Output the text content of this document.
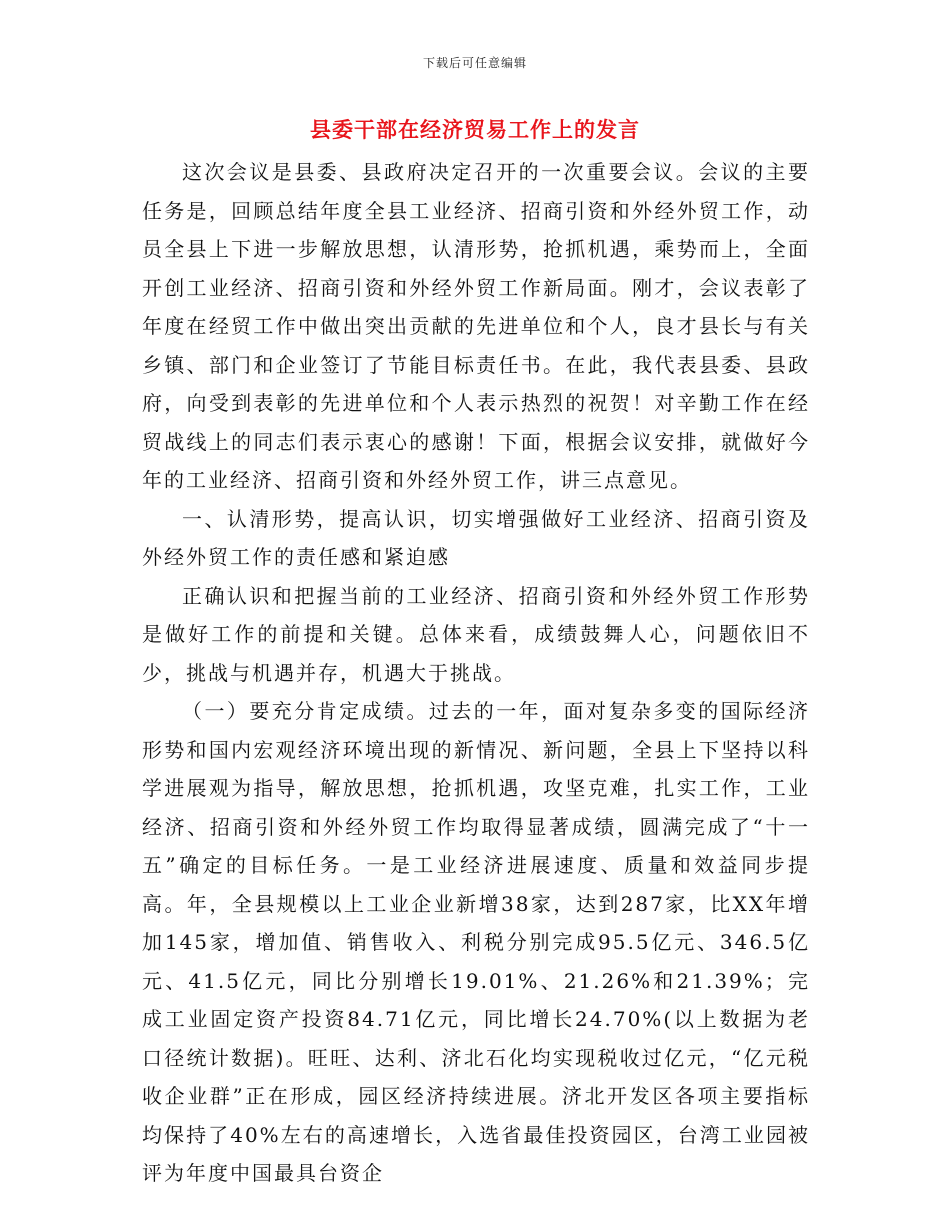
下载后可任意编辑
县委干部在经济贸易工作上的发言

这次会议是县委、县政府决定召开的一次重要会议。会议的主要任务是，回顾总结年度全县工业经济、招商引资和外经外贸工作，动员全县上下进一步解放思想，认清形势，抢抓机遇，乘势而上，全面开创工业经济、招商引资和外经外贸工作新局面。刚才，会议表彰了年度在经贸工作中做出突出贡献的先进单位和个人，良才县长与有关乡镇、部门和企业签订了节能目标责任书。在此，我代表县委、县政府，向受到表彰的先进单位和个人表示热烈的祝贺！对辛勤工作在经贸战线上的同志们表示衷心的感谢！下面，根据会议安排，就做好今年的工业经济、招商引资和外经外贸工作，讲三点意见。

一、认清形势，提高认识，切实增强做好工业经济、招商引资及外经外贸工作的责任感和紧迫感

正确认识和把握当前的工业经济、招商引资和外经外贸工作形势是做好工作的前提和关键。总体来看，成绩鼓舞人心，问题依旧不少，挑战与机遇并存，机遇大于挑战。

（一）要充分肯定成绩。过去的一年，面对复杂多变的国际经济形势和国内宏观经济环境出现的新情况、新问题，全县上下坚持以科学进展观为指导，解放思想，抢抓机遇，攻坚克难，扎实工作，工业经济、招商引资和外经外贸工作均取得显著成绩，圆满完成了“十一五”确定的目标任务。一是工业经济进展速度、质量和效益同步提高。年，全县规模以上工业企业新增38家，达到287家，比XX年增加145家，增加值、销售收入、利税分别完成95.5亿元、346.5亿元、41.5亿元，同比分别增长19.01%、21.26%和21.39%；完成工业固定资产投资84.71亿元，同比增长24.70%(以上数据为老口径统计数据)。旺旺、达利、济北石化均实现税收过亿元，“亿元税收企业群”正在形成，园区经济持续进展。济北开发区各项主要指标均保持了40%左右的高速增长，入选省最佳投资园区，台湾工业园被评为年度中国最具台资企
